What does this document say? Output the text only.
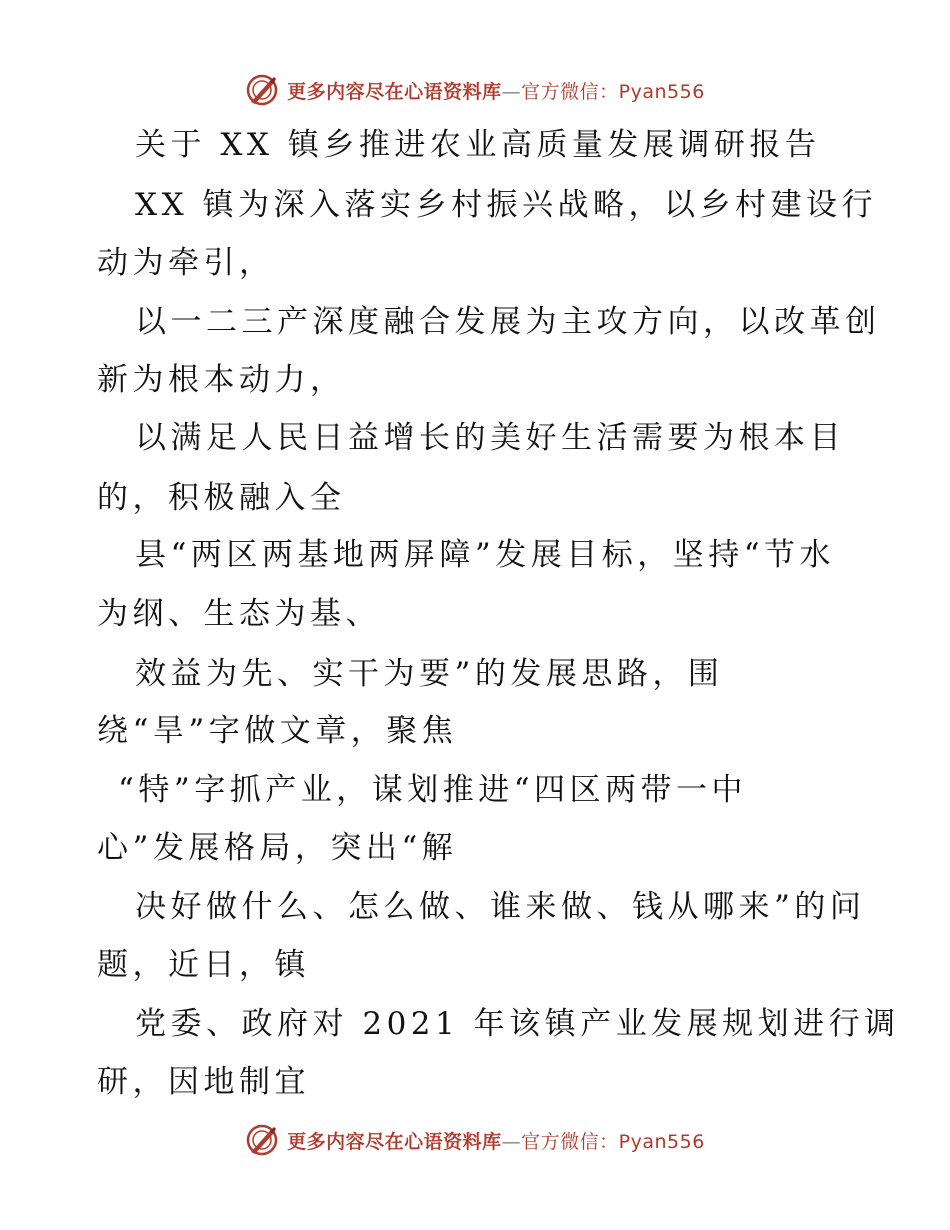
更多内容尽在心语资料库—官方微信：Pyan556
关于 XX 镇乡推进农业高质量发展调研报告
XX 镇为深入落实乡村振兴战略，以乡村建设行
动为牵引，
以一二三产深度融合发展为主攻方向，以改革创
新为根本动力，
以满足人民日益增长的美好生活需要为根本目
的，积极融入全
县“两区两基地两屏障”发展目标，坚持“节水
为纲、生态为基、
效益为先、实干为要”的发展思路，围
绕“旱”字做文章，聚焦
“特”字抓产业，谋划推进“四区两带一中
心”发展格局，突出“解
决好做什么、怎么做、谁来做、钱从哪来”的问
题，近日，镇
党委、政府对 2021 年该镇产业发展规划进行调
研，因地制宜
更多内容尽在心语资料库—官方微信：Pyan556
